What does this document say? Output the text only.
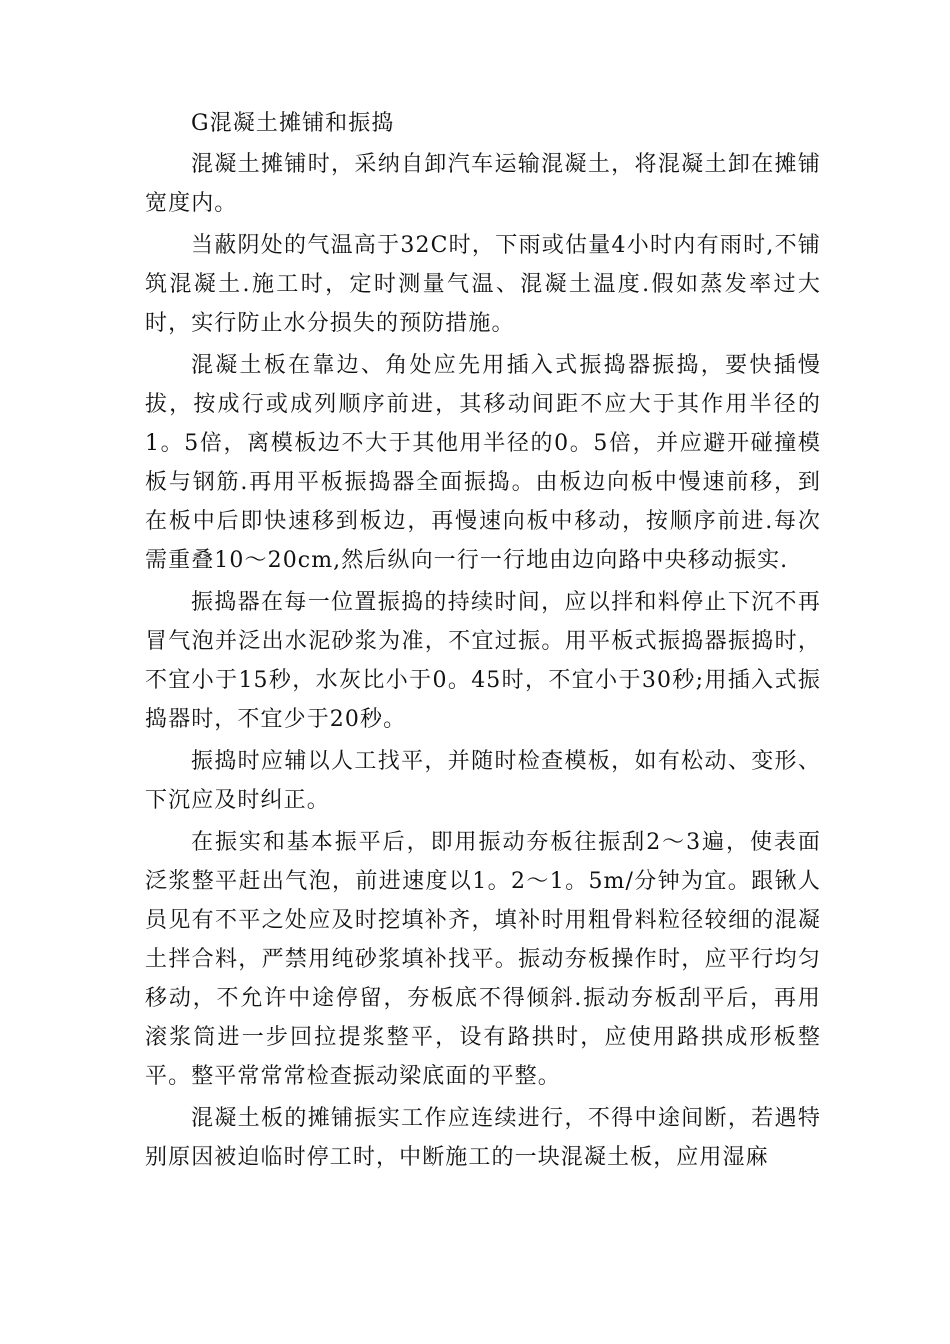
G混凝土摊铺和振捣

混凝土摊铺时，采纳自卸汽车运输混凝土，将混凝土卸在摊铺宽度内。

当蔽阴处的气温高于32C时，下雨或估量4小时内有雨时,不铺筑混凝土.施工时，定时测量气温、混凝土温度.假如蒸发率过大时，实行防止水分损失的预防措施。

混凝土板在靠边、角处应先用插入式振捣器振捣，要快插慢拔，按成行或成列顺序前进，其移动间距不应大于其作用半径的1。5倍，离模板边不大于其他用半径的0。5倍，并应避开碰撞模板与钢筋.再用平板振捣器全面振捣。由板边向板中慢速前移，到在板中后即快速移到板边，再慢速向板中移动，按顺序前进.每次需重叠10〜20cm,然后纵向一行一行地由边向路中央移动振实.

振捣器在每一位置振捣的持续时间，应以拌和料停止下沉不再冒气泡并泛出水泥砂浆为准，不宜过振。用平板式振捣器振捣时，不宜小于15秒，水灰比小于0。45时，不宜小于30秒;用插入式振捣器时，不宜少于20秒。

振捣时应辅以人工找平，并随时检查模板，如有松动、变形、下沉应及时纠正。

在振实和基本振平后，即用振动夯板往振刮2〜3遍，使表面泛浆整平赶出气泡，前进速度以1。2〜1。5m/分钟为宜。跟锹人员见有不平之处应及时挖填补齐，填补时用粗骨料粒径较细的混凝土拌合料，严禁用纯砂浆填补找平。振动夯板操作时，应平行均匀移动，不允许中途停留，夯板底不得倾斜.振动夯板刮平后，再用滚浆筒进一步回拉提浆整平，设有路拱时，应使用路拱成形板整平。整平常常常检查振动梁底面的平整。

混凝土板的摊铺振实工作应连续进行，不得中途间断，若遇特别原因被迫临时停工时，中断施工的一块混凝土板，应用湿麻
